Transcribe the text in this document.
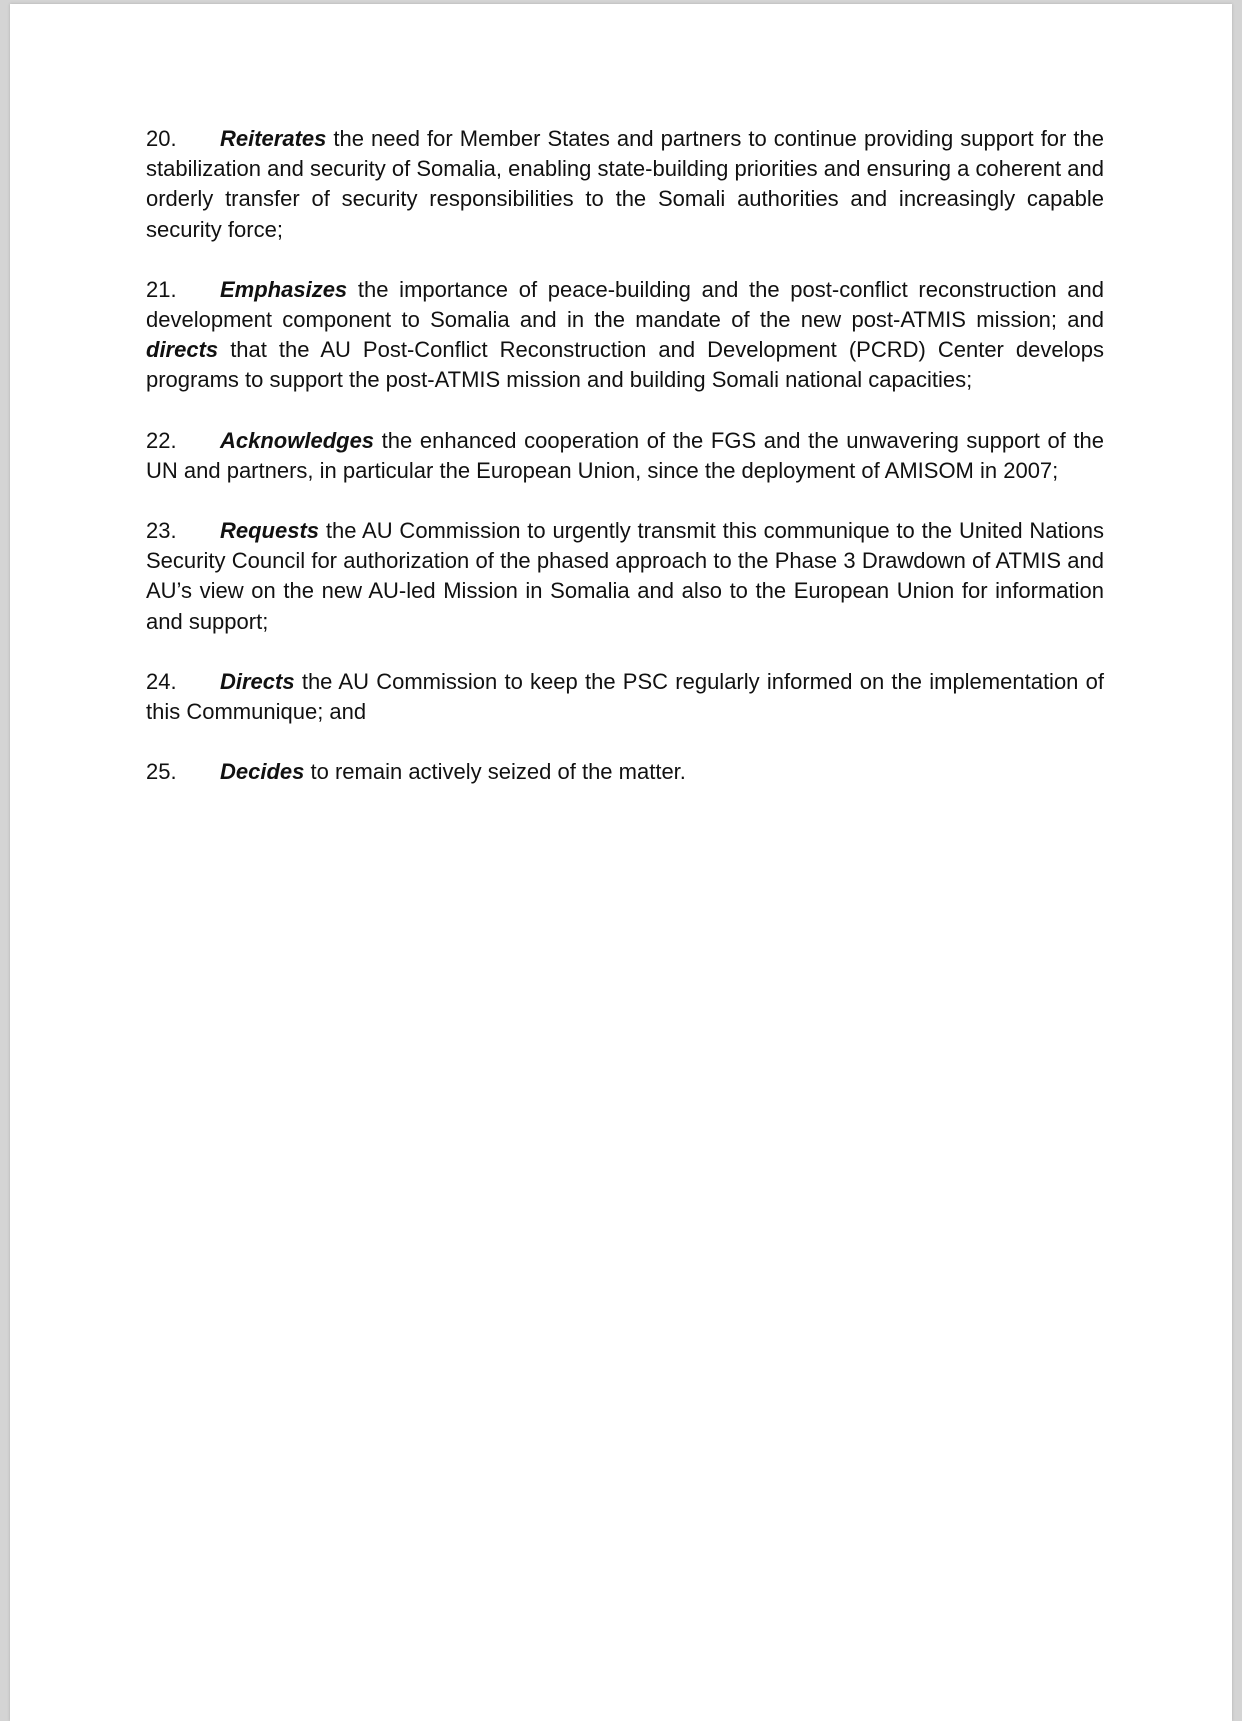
20. Reiterates the need for Member States and partners to continue providing support for the stabilization and security of Somalia, enabling state-building priorities and ensuring a coherent and orderly transfer of security responsibilities to the Somali authorities and increasingly capable security force;

21. Emphasizes the importance of peace-building and the post-conflict reconstruction and development component to Somalia and in the mandate of the new post-ATMIS mission; and directs that the AU Post-Conflict Reconstruction and Development (PCRD) Center develops programs to support the post-ATMIS mission and building Somali national capacities;

22. Acknowledges the enhanced cooperation of the FGS and the unwavering support of the UN and partners, in particular the European Union, since the deployment of AMISOM in 2007;

23. Requests the AU Commission to urgently transmit this communique to the United Nations Security Council for authorization of the phased approach to the Phase 3 Drawdown of ATMIS and AU’s view on the new AU-led Mission in Somalia and also to the European Union for information and support;

24. Directs the AU Commission to keep the PSC regularly informed on the implementation of this Communique; and

25. Decides to remain actively seized of the matter.
